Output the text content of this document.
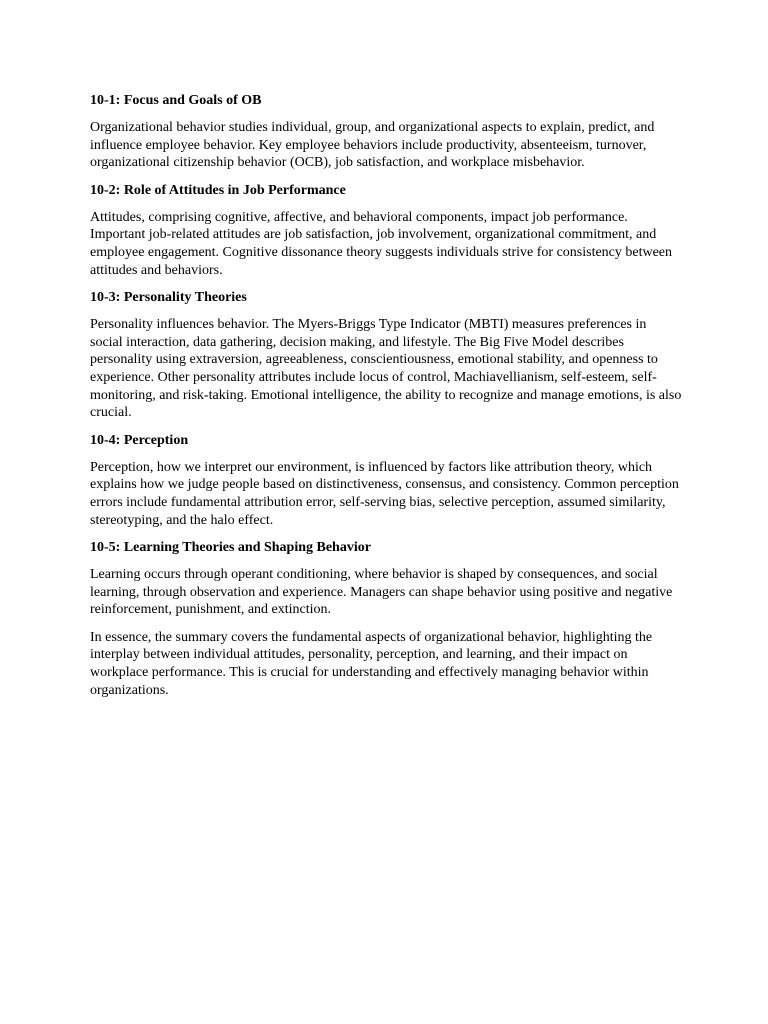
10-1: Focus and Goals of OB
Organizational behavior studies individual, group, and organizational aspects to explain, predict, and influence employee behavior. Key employee behaviors include productivity, absenteeism, turnover, organizational citizenship behavior (OCB), job satisfaction, and workplace misbehavior.
10-2: Role of Attitudes in Job Performance
Attitudes, comprising cognitive, affective, and behavioral components, impact job performance. Important job-related attitudes are job satisfaction, job involvement, organizational commitment, and employee engagement. Cognitive dissonance theory suggests individuals strive for consistency between attitudes and behaviors.
10-3: Personality Theories
Personality influences behavior. The Myers-Briggs Type Indicator (MBTI) measures preferences in social interaction, data gathering, decision making, and lifestyle. The Big Five Model describes personality using extraversion, agreeableness, conscientiousness, emotional stability, and openness to experience. Other personality attributes include locus of control, Machiavellianism, self-esteem, self-monitoring, and risk-taking. Emotional intelligence, the ability to recognize and manage emotions, is also crucial.
10-4: Perception
Perception, how we interpret our environment, is influenced by factors like attribution theory, which explains how we judge people based on distinctiveness, consensus, and consistency. Common perception errors include fundamental attribution error, self-serving bias, selective perception, assumed similarity, stereotyping, and the halo effect.
10-5: Learning Theories and Shaping Behavior
Learning occurs through operant conditioning, where behavior is shaped by consequences, and social learning, through observation and experience. Managers can shape behavior using positive and negative reinforcement, punishment, and extinction.
In essence, the summary covers the fundamental aspects of organizational behavior, highlighting the interplay between individual attitudes, personality, perception, and learning, and their impact on workplace performance. This is crucial for understanding and effectively managing behavior within organizations.
